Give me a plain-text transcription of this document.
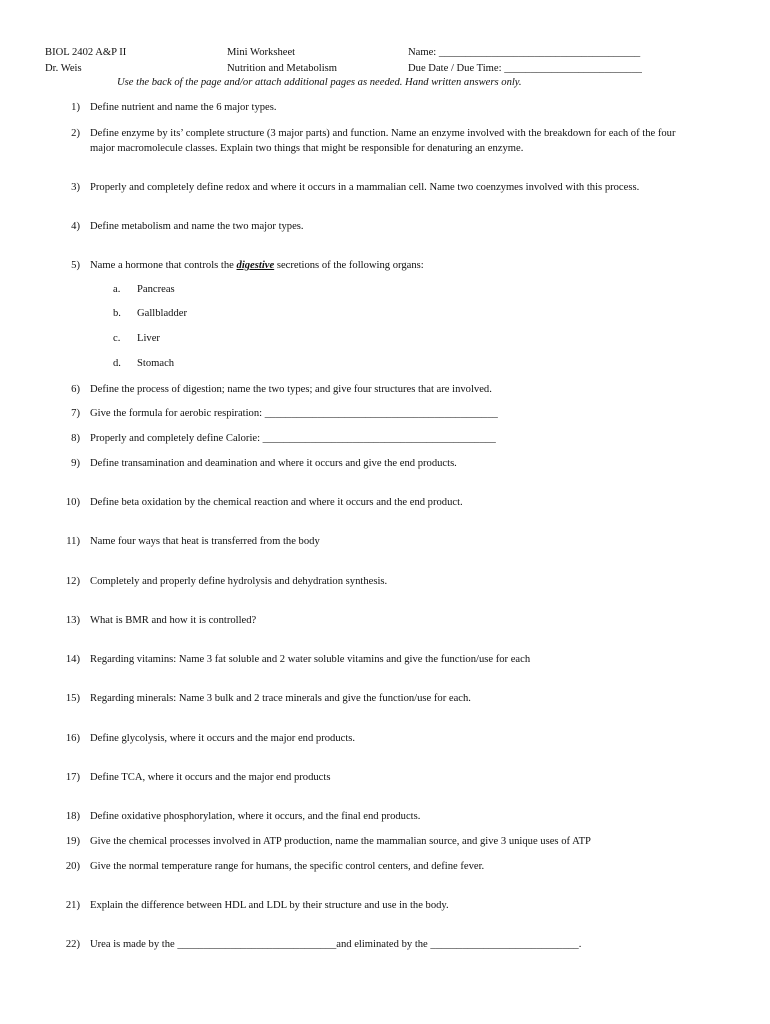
BIOL 2402 A&P II
Dr. Weis
Mini Worksheet
Nutrition and Metabolism
Name: ______________________________________
Due Date / Due Time: __________________________
Use the back of the page and/or attach additional pages as needed. Hand written answers only.
1) Define nutrient and name the 6 major types.
2) Define enzyme by its’ complete structure (3 major parts) and function. Name an enzyme involved with the breakdown for each of the four
major macromolecule classes. Explain two things that might be responsible for denaturing an enzyme.
3) Properly and completely define redox and where it occurs in a mammalian cell. Name two coenzymes involved with this process.
4) Define metabolism and name the two major types.
5) Name a hormone that controls the digestive secretions of the following organs:
a. Pancreas
b. Gallbladder
c. Liver
d. Stomach
6) Define the process of digestion; name the two types; and give four structures that are involved.
7) Give the formula for aerobic respiration: ____________________________________________
8) Properly and completely define Calorie: ____________________________________________
9) Define transamination and deamination and where it occurs and give the end products.
10) Define beta oxidation by the chemical reaction and where it occurs and the end product.
11) Name four ways that heat is transferred from the body
12) Completely and properly define hydrolysis and dehydration synthesis.
13) What is BMR and how it is controlled?
14) Regarding vitamins: Name 3 fat soluble and 2 water soluble vitamins and give the function/use for each
15) Regarding minerals: Name 3 bulk and 2 trace minerals and give the function/use for each.
16) Define glycolysis, where it occurs and the major end products.
17) Define TCA, where it occurs and the major end products
18) Define oxidative phosphorylation, where it occurs, and the final end products.
19) Give the chemical processes involved in ATP production, name the mammalian source, and give 3 unique uses of ATP
20) Give the normal temperature range for humans, the specific control centers, and define fever.
21) Explain the difference between HDL and LDL by their structure and use in the body.
22) Urea is made by the ______________________________and eliminated by the ____________________________.
